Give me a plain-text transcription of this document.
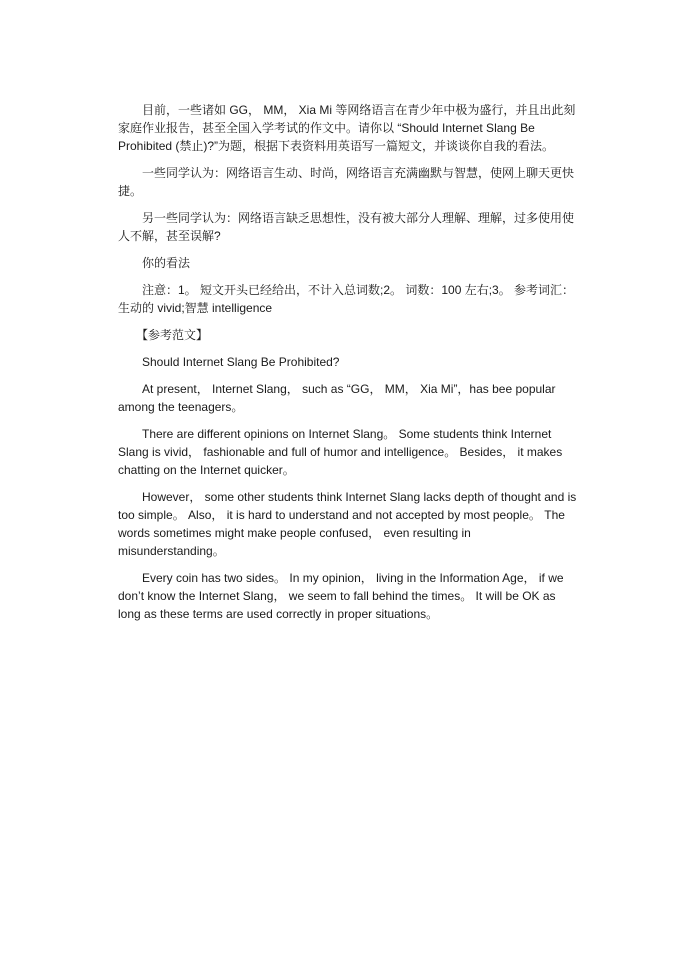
目前，一些诸如 GG， MM， Xia Mi 等网络语言在青少年中极为盛行，并且出此刻
家庭作业报告，甚至全国入学考试的作文中。请你以 “Should Internet Slang Be
Prohibited (禁止)?”为题，根据下表资料用英语写一篇短文，并谈谈你自我的看法。
一些同学认为：网络语言生动、时尚，网络语言充满幽默与智慧，使网上聊天更快
捷。
另一些同学认为：网络语言缺乏思想性，没有被大部分人理解、理解，过多使用使
人不解，甚至误解?
你的看法
注意：1。 短文开头已经给出，不计入总词数;2。 词数：100 左右;3。 参考词汇：
生动的 vivid;智慧 intelligence
【参考范文】
Should Internet Slang Be Prohibited?
At present， Internet Slang， such as “GG， MM， Xia Mi”，has bee popular
among the teenagers。
There are different opinions on Internet Slang。 Some students think Internet
Slang is vivid， fashionable and full of humor and intelligence。 Besides， it makes
chatting on the Internet quicker。
However， some other students think Internet Slang lacks depth of thought and is
too simple。 Also， it is hard to understand and not accepted by most people。 The
words sometimes might make people confused， even resulting in
misunderstanding。
Every coin has two sides。 In my opinion， living in the Information Age， if we
don’t know the Internet Slang， we seem to fall behind the times。 It will be OK as
long as these terms are used correctly in proper situations。
